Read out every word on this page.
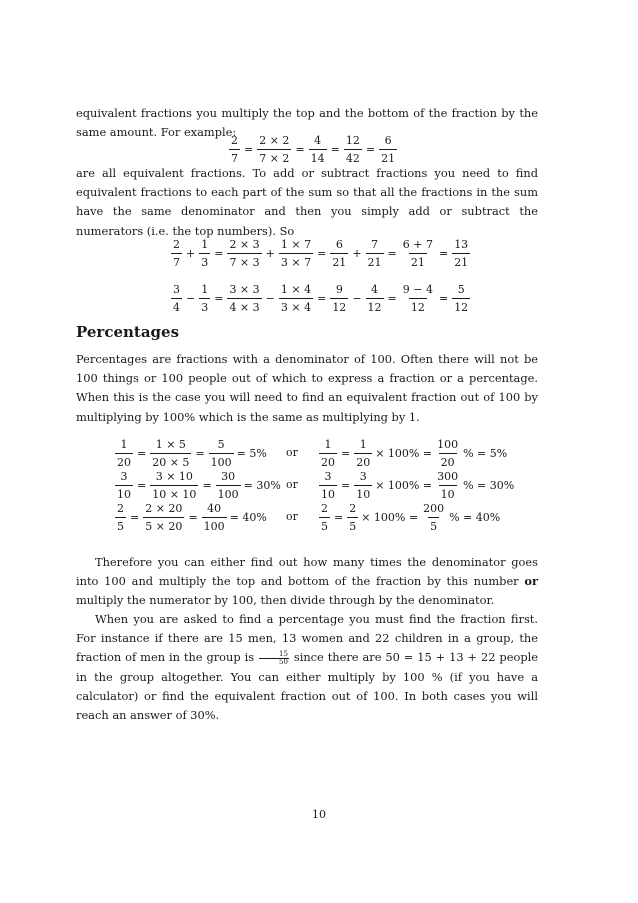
equivalent fractions you multiply the top and the bottom of the fraction by the same amount. For example:
$\frac{2}{7} = \frac{2 \times 2}{7 \times 2} = \frac{4}{14} = \frac{12}{42} = \frac{6}{21}$
are all equivalent fractions. To add or subtract fractions you need to find equivalent fractions to each part of the sum so that all the fractions in the sum have the same denominator and then you simply add or subtract the numerators (i.e. the top numbers). So
$\frac{2}{7} + \frac{1}{3} = \frac{2 \times 3}{7 \times 3} + \frac{1 \times 7}{3 \times 7} = \frac{6}{21} + \frac{7}{21} = \frac{6 + 7}{21} = \frac{13}{21}$
$\frac{3}{4} - \frac{1}{3} = \frac{3 \times 3}{4 \times 3} - \frac{1 \times 4}{3 \times 4} = \frac{9}{12} - \frac{4}{12} = \frac{9 - 4}{12} = \frac{5}{12}$
Percentages
Percentages are fractions with a denominator of 100. Often there will not be 100 things or 100 people out of which to express a fraction or a percentage. When this is the case you will need to find an equivalent fraction out of 100 by multiplying by 100% which is the same as multiplying by 1.
$\frac{1}{20} = \frac{1 \times 5}{20 \times 5} = \frac{5}{100} = 5\%$ or $\frac{1}{20} = \frac{1}{20} \times 100\% = \frac{100}{20}$ % = 5%
$\frac{3}{10} = \frac{3 \times 10}{10 \times 10} = \frac{30}{100} = 30\%$ or $\frac{3}{10} = \frac{3}{10} \times 100\% = \frac{300}{10}$ % = 30%
$\frac{2}{5} = \frac{2 \times 20}{5 \times 20} = \frac{40}{100} = 40\%$ or $\frac{2}{5} = \frac{2}{5} \times 100\% = \frac{200}{5}$ % = 40%
Therefore you can either find out how many times the denominator goes into 100 and multiply the top and bottom of the fraction by this number or multiply the numerator by 100, then divide through by the denominator.
When you are asked to find a percentage you must find the fraction first. For instance if there are 15 men, 13 women and 22 children in a group, the fraction of men in the group is $\frac{15}{50}$ since there are 50 = 15 + 13 + 22 people in the group altogether. You can either multiply by 100 % (if you have a calculator) or find the equivalent fraction out of 100. In both cases you will reach an answer of 30%.
10
